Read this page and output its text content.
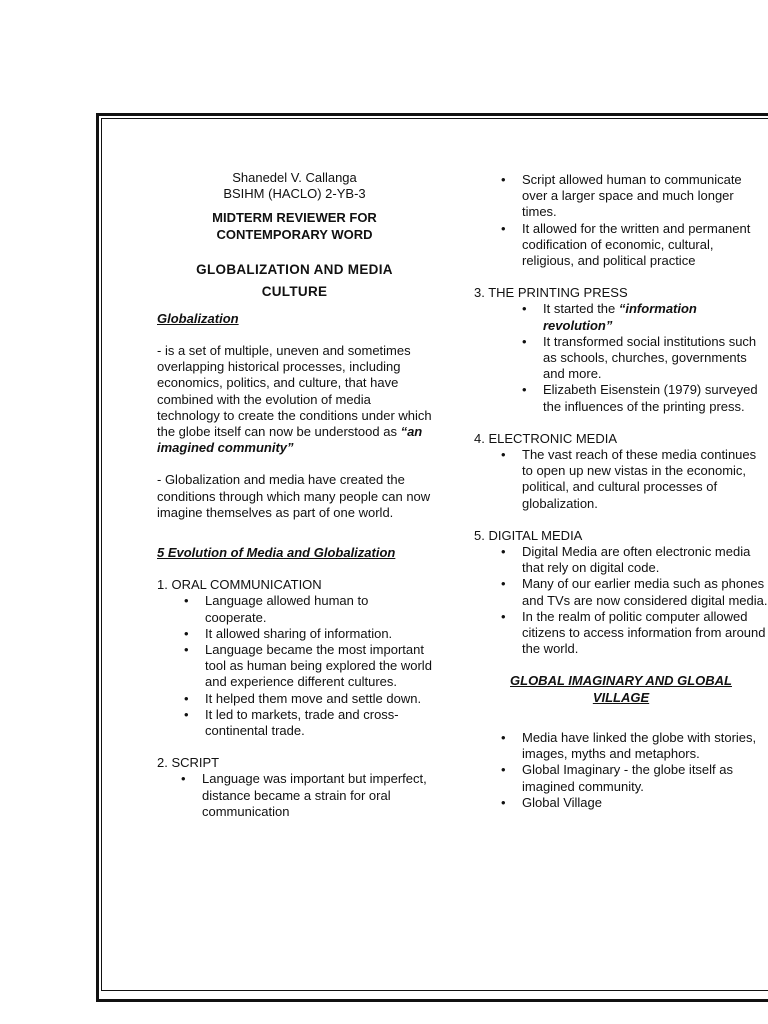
Shanedel V. Callanga

BSIHM (HACLO) 2-YB-3

MIDTERM REVIEWER FOR

CONTEMPORARY WORD

GLOBALIZATION AND MEDIA

CULTURE

Globalization

- is a set of multiple, uneven and sometimes overlapping historical processes, including economics, politics, and culture, that have combined with the evolution of media technology to create the conditions under which the globe itself can now be understood as “an imagined community”

- Globalization and media have created the conditions through which many people can now imagine themselves as part of one world.

5 Evolution of Media and Globalization

1. ORAL COMMUNICATION

• Language allowed human to cooperate.
• It allowed sharing of information.
• Language became the most important tool as human being explored the world and experience different cultures.
• It helped them move and settle down.
• It led to markets, trade and cross-continental trade.

2. SCRIPT

• Language was important but imperfect, distance became a strain for oral communication
• Script allowed human to communicate over a larger space and much longer times.
• It allowed for the written and permanent codification of economic, cultural, religious, and political practice

3. THE PRINTING PRESS

• It started the “information revolution”
• It transformed social institutions such as schools, churches, governments and more.
• Elizabeth Eisenstein (1979) surveyed the influences of the printing press.

4. ELECTRONIC MEDIA

• The vast reach of these media continues to open up new vistas in the economic, political, and cultural processes of globalization.

5. DIGITAL MEDIA

• Digital Media are often electronic media that rely on digital code.
• Many of our earlier media such as phones and TVs are now considered digital media.
• In the realm of politic computer allowed citizens to access information from around the world.

GLOBAL IMAGINARY AND GLOBAL

VILLAGE

• Media have linked the globe with stories, images, myths and metaphors.
• Global Imaginary - the globe itself as imagined community.
• Global Village
